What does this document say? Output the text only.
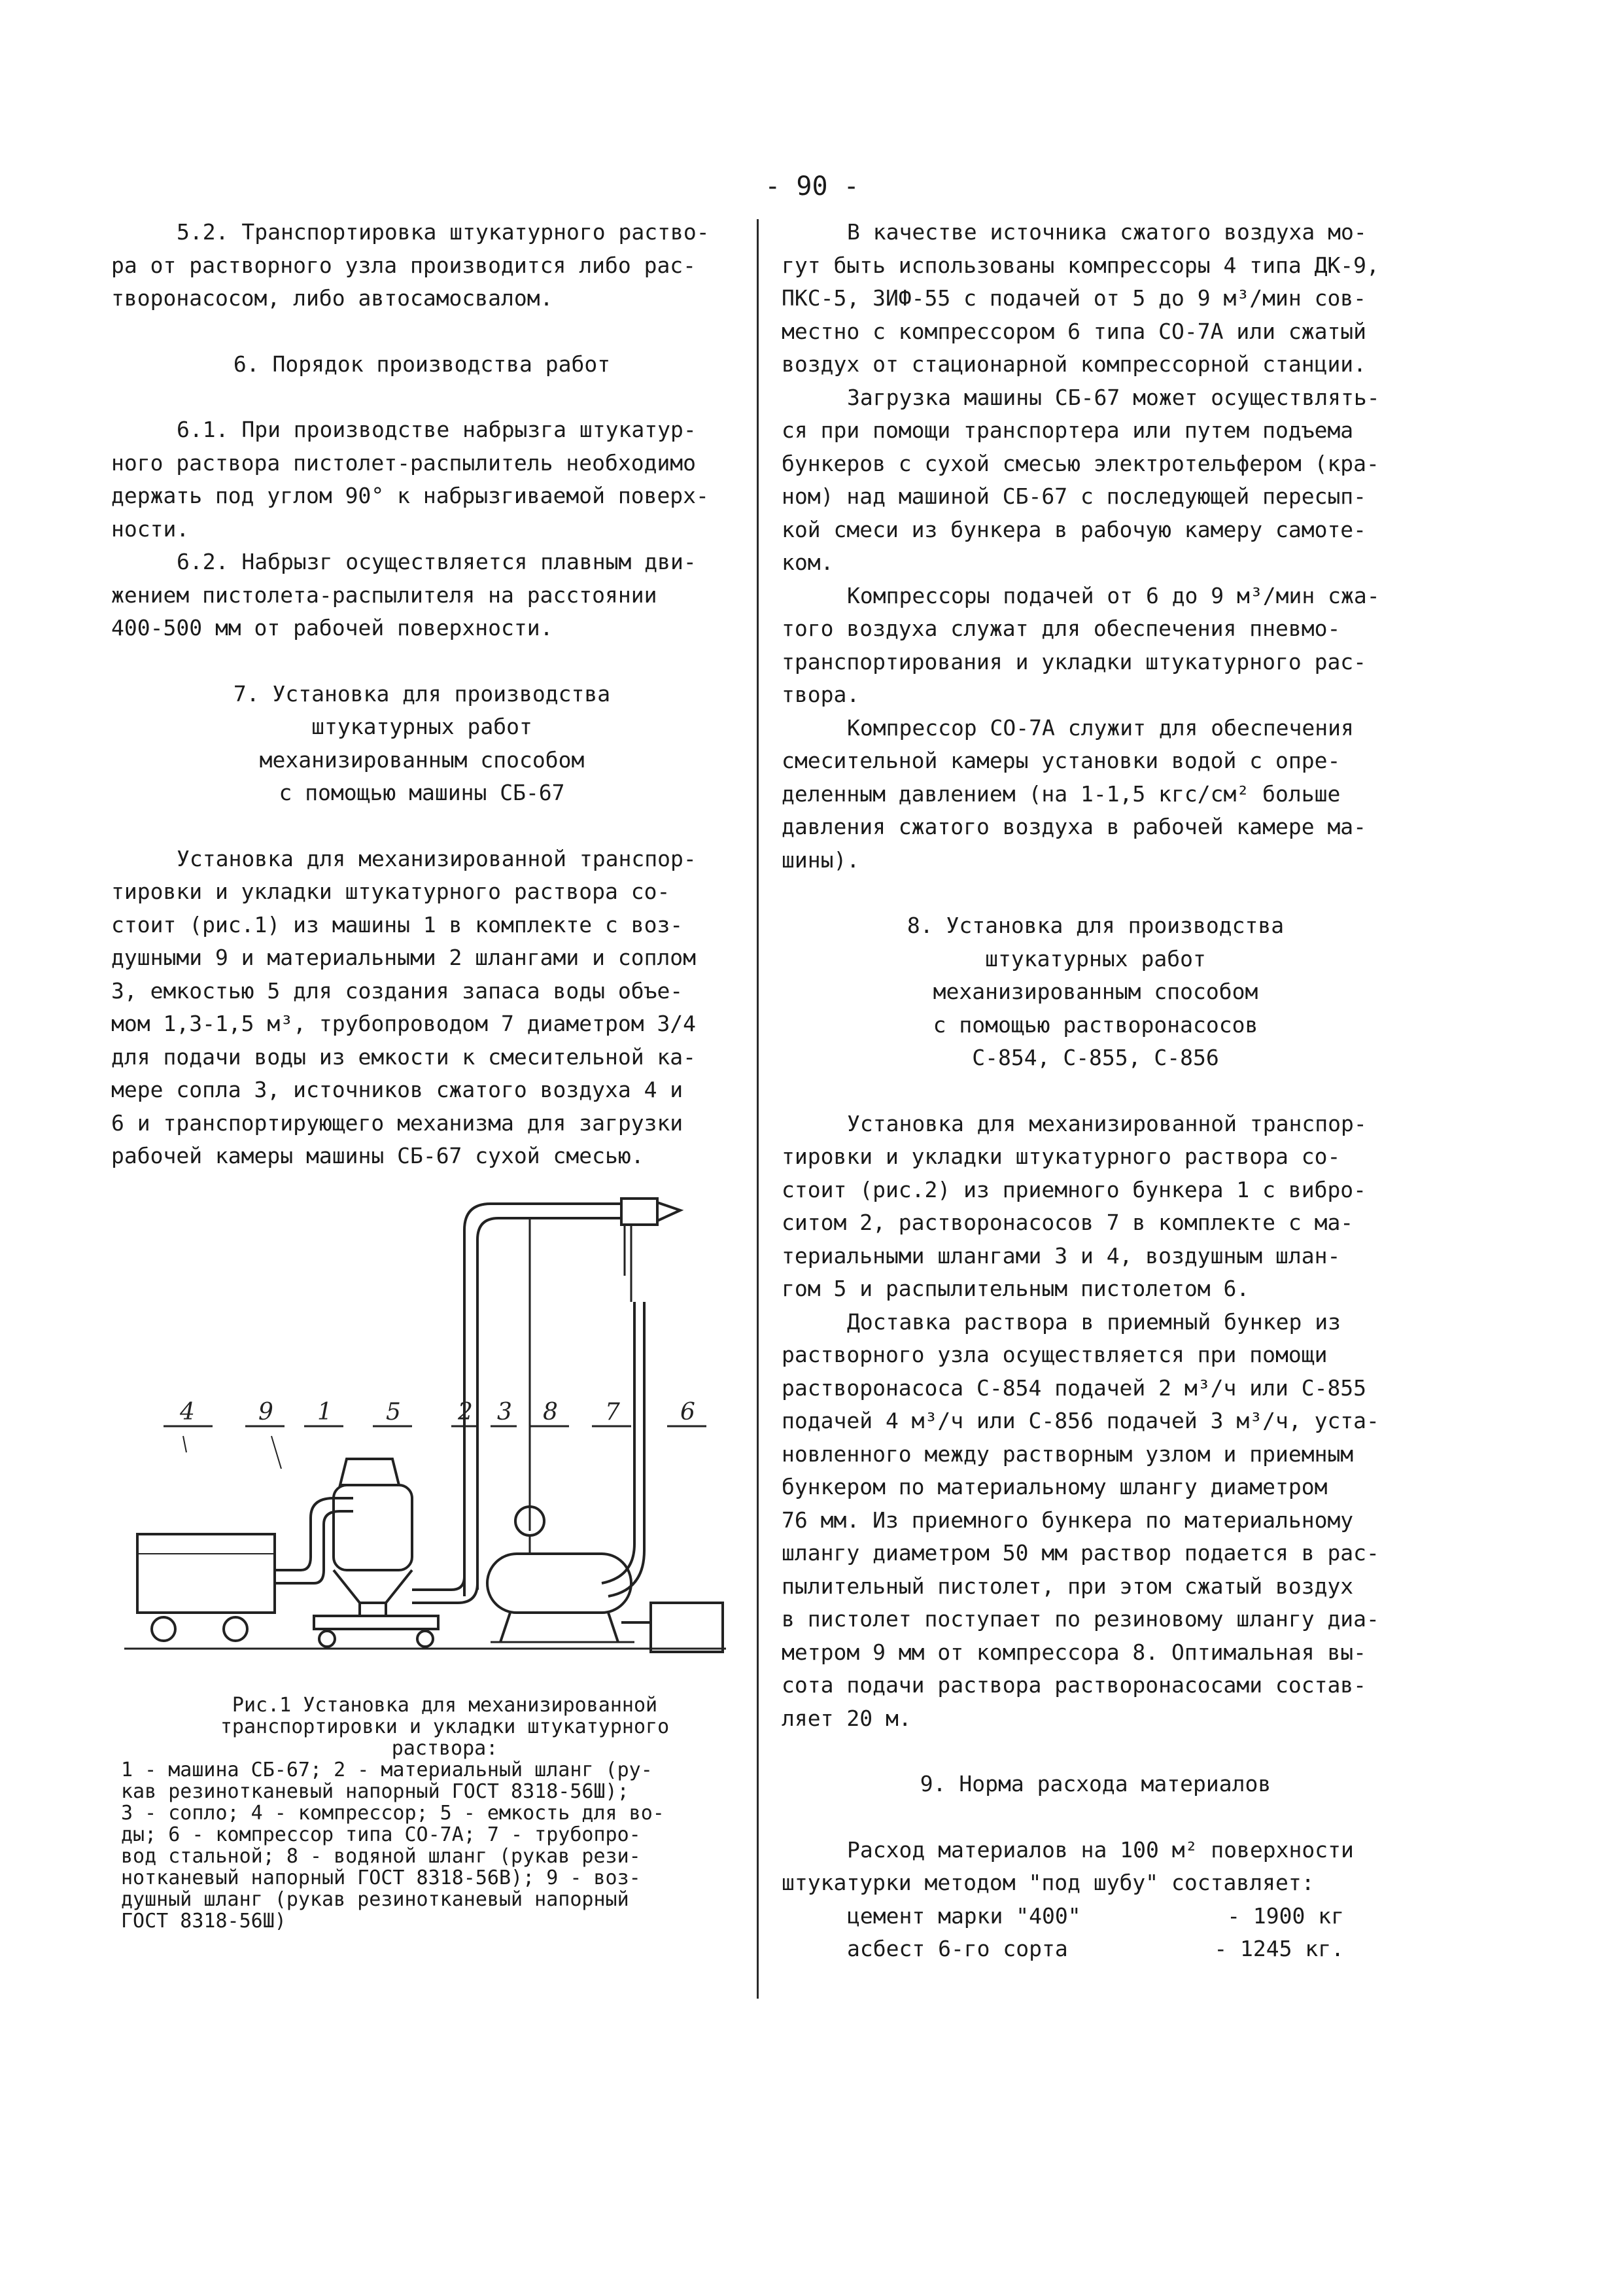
- 90 -

5.2. Транспортировка штукатурного раство-
ра от растворного узла производится либо рас-
творонасосом, либо автосамосвалом.

6. Порядок производства работ

6.1. При производстве набрызга штукатур-
ного раствора пистолет-распылитель необходимо
держать под углом 90° к набрызгиваемой поверх-
ности.

6.2. Набрызг осуществляется плавным дви-
жением пистолета-распылителя на расстоянии
400-500 мм от рабочей поверхности.

7. Установка для производства
штукатурных работ
механизированным способом
с помощью машины СБ-67

Установка для механизированной транспор-
тировки и укладки штукатурного раствора со-
стоит (рис.1) из машины 1 в комплекте с воз-
душными 9 и материальными 2 шлангами и соплом
3, емкостью 5 для создания запаса воды объе-
мом 1,3-1,5 м³, трубопроводом 7 диаметром 3/4
для подачи воды из емкости к смесительной ка-
мере сопла 3, источников сжатого воздуха 4 и
6 и транспортирующего механизма для загрузки
рабочей камеры машины СБ-67 сухой смесью.

4	9 1 5 2 3 8 7	6
Рис.1 Установка для механизированной
транспортировки и укладки штукатурного
раствора:
1 - машина СБ-67; 2 - материальный шланг (ру-
кав резинотканевый напорный ГОСТ 8318-56Ш);
3 - сопло; 4 - компрессор; 5 - емкость для во-
ды; 6 - компрессор типа СО-7А; 7 - трубопро-
вод стальной; 8 - водяной шланг (рукав рези-
нотканевый напорный ГОСТ 8318-56В); 9 - воз-
душный шланг (рукав резинотканевый напорный
ГОСТ 8318-56Ш)

В качестве источника сжатого воздуха мо-
гут быть использованы компрессоры 4 типа ДК-9,
ПКС-5, ЗИФ-55 с подачей от 5 до 9 м³/мин сов-
местно с компрессором 6 типа СО-7А или сжатый
воздух от стационарной компрессорной станции.

Загрузка машины СБ-67 может осуществлять-
ся при помощи транспортера или путем подъема
бункеров с сухой смесью электротельфером (кра-
ном) над машиной СБ-67 с последующей пересып-
кой смеси из бункера в рабочую камеру самоте-
ком.

Компрессоры подачей от 6 до 9 м³/мин сжа-
того воздуха служат для обеспечения пневмо-
транспортирования и укладки штукатурного рас-
твора.

Компрессор СО-7А служит для обеспечения
смесительной камеры установки водой с опре-
деленным давлением (на 1-1,5 кгс/см² больше
давления сжатого воздуха в рабочей камере ма-
шины).

8. Установка для производства
штукатурных работ
механизированным способом
с помощью растворонасосов
С-854, С-855, С-856

Установка для механизированной транспор-
тировки и укладки штукатурного раствора со-
стоит (рис.2) из приемного бункера 1 с вибро-
ситом 2, растворонасосов 7 в комплекте с ма-
териальными шлангами 3 и 4, воздушным шлан-
гом 5 и распылительным пистолетом 6.

Доставка раствора в приемный бункер из
растворного узла осуществляется при помощи
растворонасоса С-854 подачей 2 м³/ч или С-855
подачей 4 м³/ч или С-856 подачей 3 м³/ч, уста-
новленного между растворным узлом и приемным
бункером по материальному шлангу диаметром
76 мм. Из приемного бункера по материальному
шлангу диаметром 50 мм раствор подается в рас-
пылительный пистолет, при этом сжатый воздух
в пистолет поступает по резиновому шлангу диа-
метром 9 мм от компрессора 8. Оптимальная вы-
сота подачи раствора растворонасосами состав-
ляет 20 м.

9. Норма расхода материалов

Расход материалов на 100 м² поверхности
штукатурки методом "под шубу" составляет:

цемент марки "400"	- 1900 кг
асбест 6-го сорта	- 1245 кг.
